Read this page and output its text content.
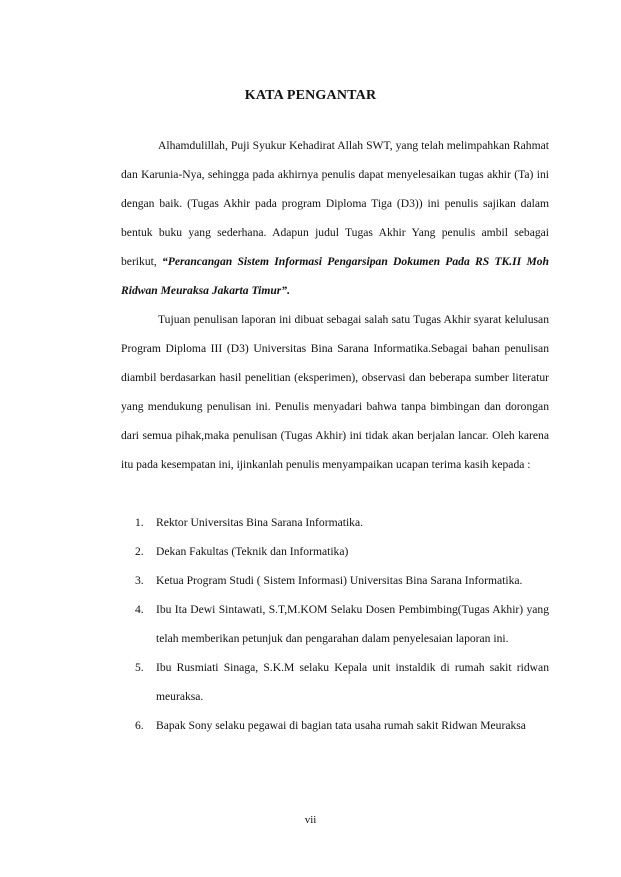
KATA PENGANTAR

Alhamdulillah, Puji Syukur Kehadirat Allah SWT, yang telah melimpahkan Rahmat dan Karunia-Nya, sehingga pada akhirnya penulis dapat menyelesaikan tugas akhir (Ta) ini dengan baik. (Tugas Akhir pada program Diploma Tiga (D3)) ini penulis sajikan dalam bentuk buku yang sederhana. Adapun judul Tugas Akhir Yang penulis ambil sebagai berikut, “Perancangan Sistem Informasi Pengarsipan Dokumen Pada RS TK.II Moh Ridwan Meuraksa Jakarta Timur”.

Tujuan penulisan laporan ini dibuat sebagai salah satu Tugas Akhir syarat kelulusan Program Diploma III (D3) Universitas Bina Sarana Informatika.Sebagai bahan penulisan diambil berdasarkan hasil penelitian (eksperimen), observasi dan beberapa sumber literatur yang mendukung penulisan ini. Penulis menyadari bahwa tanpa bimbingan dan dorongan dari semua pihak,maka penulisan (Tugas Akhir) ini tidak akan berjalan lancar. Oleh karena itu pada kesempatan ini, ijinkanlah penulis menyampaikan ucapan terima kasih kepada :

1. Rektor Universitas Bina Sarana Informatika.
2. Dekan Fakultas (Teknik dan Informatika)
3. Ketua Program Studi ( Sistem Informasi) Universitas Bina Sarana Informatika.
4. Ibu Ita Dewi Sintawati, S.T,M.KOM Selaku Dosen Pembimbing(Tugas Akhir) yang telah memberikan petunjuk dan pengarahan dalam penyelesaian laporan ini.
5. Ibu Rusmiati Sinaga, S.K.M selaku Kepala unit instaldik di rumah sakit ridwan meuraksa.
6. Bapak Sony selaku pegawai di bagian tata usaha rumah sakit Ridwan Meuraksa

vii
